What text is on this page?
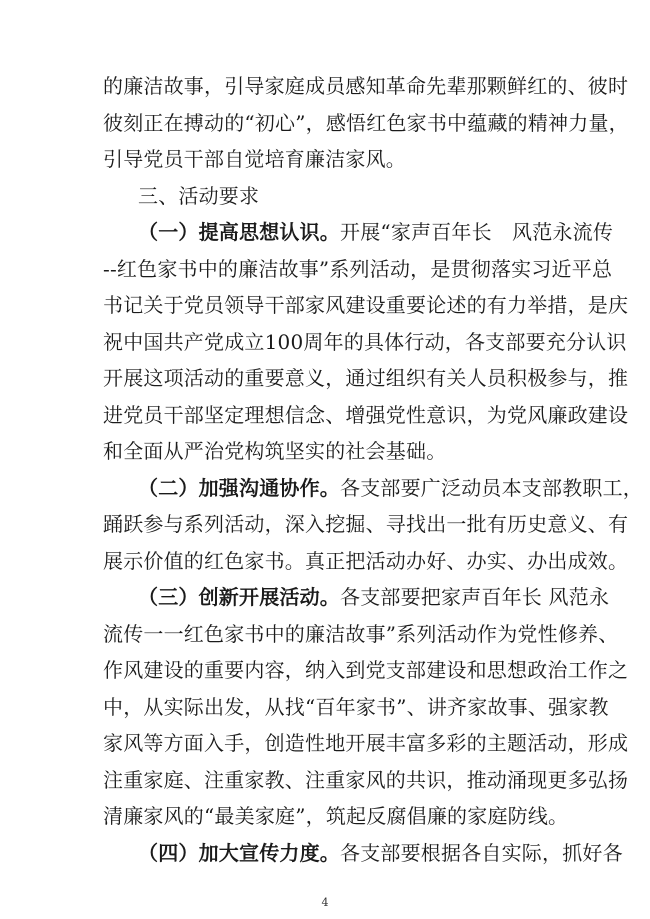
的廉洁故事，引导家庭成员感知革命先辈那颗鲜红的、彼时
彼刻正在搏动的“初心”，感悟红色家书中蕴藏的精神力量，
引导党员干部自觉培育廉洁家风。
三、活动要求
（一）提高思想认识。开展“家声百年长　风范永流传
--红色家书中的廉洁故事”系列活动，是贯彻落实习近平总
书记关于党员领导干部家风建设重要论述的有力举措，是庆
祝中国共产党成立100周年的具体行动，各支部要充分认识
开展这项活动的重要意义，通过组织有关人员积极参与，推
进党员干部坚定理想信念、增强党性意识，为党风廉政建设
和全面从严治党构筑坚实的社会基础。
（二）加强沟通协作。各支部要广泛动员本支部教职工，
踊跃参与系列活动，深入挖掘、寻找出一批有历史意义、有
展示价值的红色家书。真正把活动办好、办实、办出成效。
（三）创新开展活动。各支部要把家声百年长 风范永
流传一一红色家书中的廉洁故事”系列活动作为党性修养、
作风建设的重要内容，纳入到党支部建设和思想政治工作之
中，从实际出发，从找“百年家书”、讲齐家故事、强家教
家风等方面入手，创造性地开展丰富多彩的主题活动，形成
注重家庭、注重家教、注重家风的共识，推动涌现更多弘扬
清廉家风的“最美家庭”，筑起反腐倡廉的家庭防线。
（四）加大宣传力度。各支部要根据各自实际，抓好各
4
